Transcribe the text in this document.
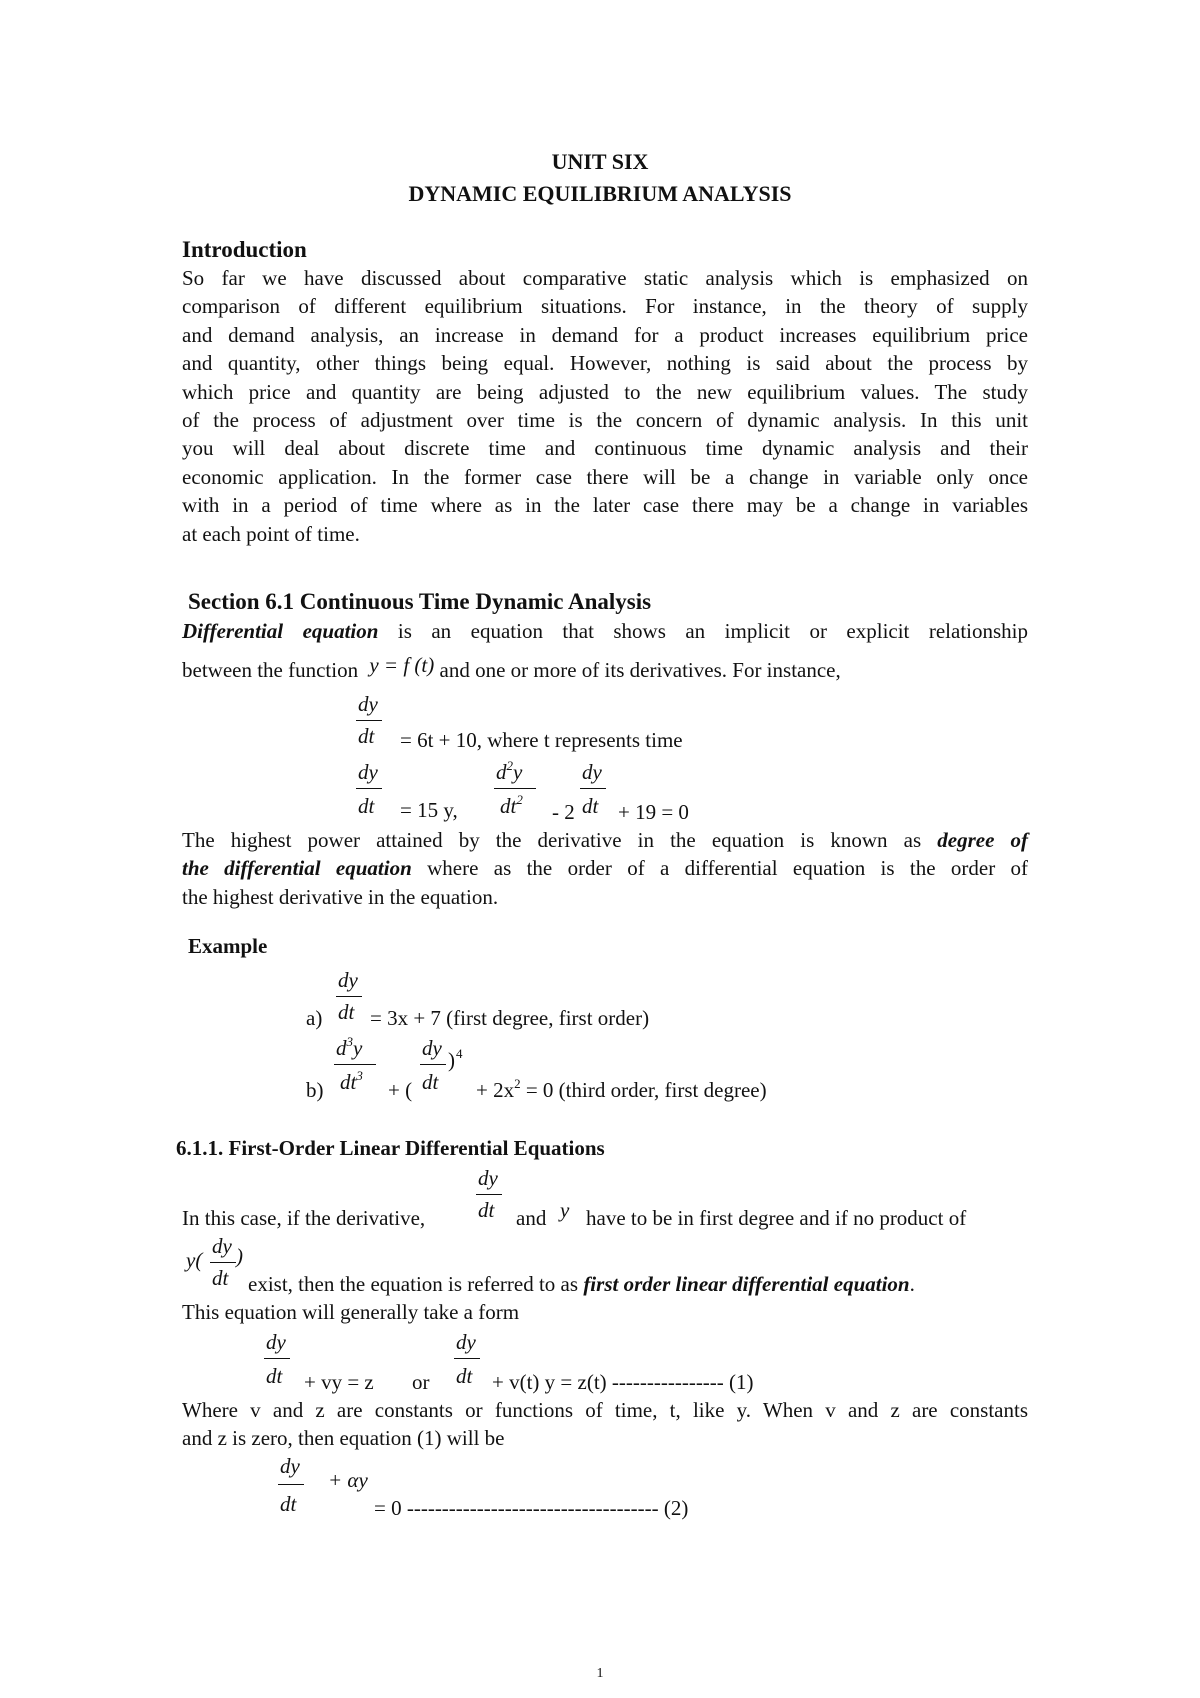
UNIT SIX
DYNAMIC EQUILIBRIUM ANALYSIS
Introduction
So far we have discussed about comparative static analysis which is emphasized on
comparison of different equilibrium situations. For instance, in the theory of supply
and demand analysis, an increase in demand for a product increases equilibrium price
and quantity, other things being equal. However, nothing is said about the process by
which price and quantity are being adjusted to the new equilibrium values. The study
of the process of adjustment over time is the concern of dynamic analysis. In this unit
you will deal about discrete time and continuous time dynamic analysis and their
economic application. In the former case there will be a change in variable only once
with in a period of time where as in the later case there may be a change in variables
at each point of time.
Section 6.1 Continuous Time Dynamic Analysis
Differential equation is an equation that shows an implicit or explicit relationship
between the function y = f (t) and one or more of its derivatives. For instance,
dy
dt = 6t + 10, where t represents time
dy
dt = 15 y,
$d^2y$
$dt^2$
- 2
dy
dt + 19 = 0
The highest power attained by the derivative in the equation is known as degree of
the differential equation where as the order of a differential equation is the order of
the highest derivative in the equation.
Example
dy
a) dt = 3x + 7 (first degree, first order)
$d^3y$
b) $dt^3$
+ (
dy
dt
) 4
+ $2x^2 = 0$ (third order, first degree)
6.1.1. First-Order Linear Differential Equations
dy
In this case, if the derivative,	dt and y have to be in first degree and if no product of
dy
y( )
dt exist, then the equation is referred to as first order linear differential equation.
This equation will generally take a form
dy
dt + vy = z or
dy
dt + v(t) y = z(t) ---------------- (1)
Where v and z are constants or functions of time, t, like y. When v and z are constants
and z is zero, then equation (1) will be
dy
dt
+ αy
= 0 ------------------------------------ (2)
1
